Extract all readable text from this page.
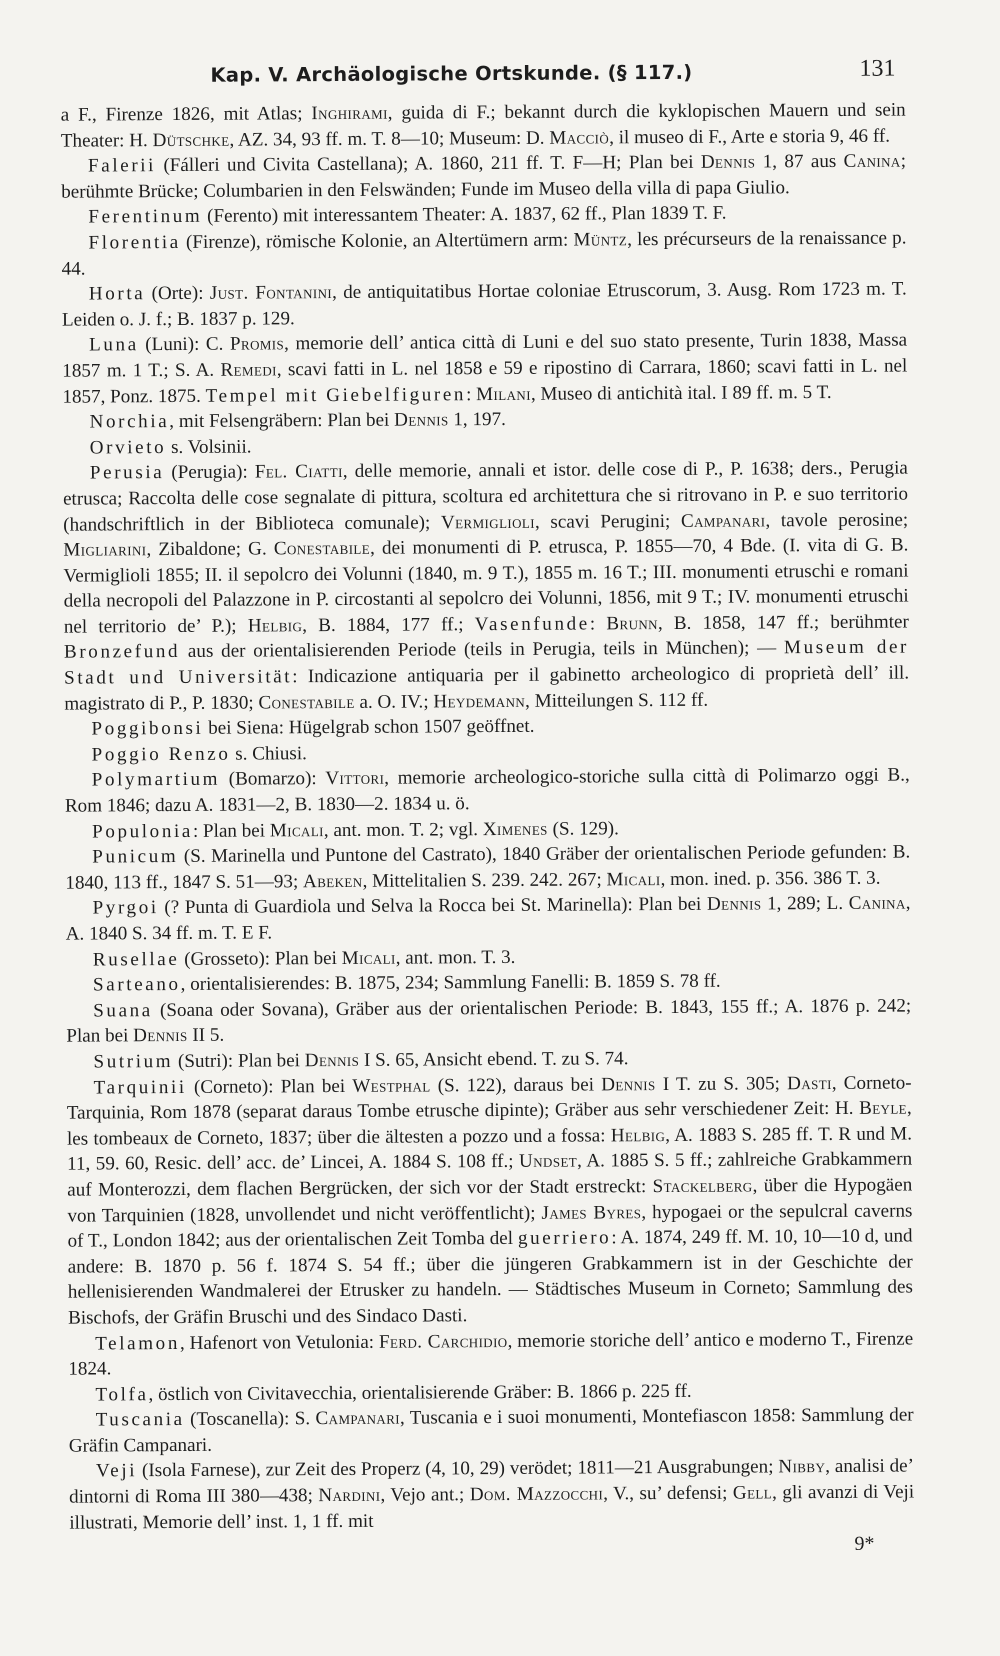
Kap. V. Archäologische Ortskunde. (§ 117.)	131

a F., Firenze 1826, mit Atlas; Inghirami, guida di F.; bekannt durch die kyklopischen Mauern und sein Theater: H. Dütschke, AZ. 34, 93 ff. m. T. 8—10; Museum: D. Macciò, il museo di F., Arte e storia 9, 46 ff.

Falerii (Fálleri und Civita Castellana); A. 1860, 211 ff. T. F—H; Plan bei Dennis 1, 87 aus Canina; berühmte Brücke; Columbarien in den Felswänden; Funde im Museo della villa di papa Giulio.

Ferentinum (Ferento) mit interessantem Theater: A. 1837, 62 ff., Plan 1839 T. F.

Florentia (Firenze), römische Kolonie, an Altertümern arm: Müntz, les précurseurs de la renaissance p. 44.

Horta (Orte): Just. Fontanini, de antiquitatibus Hortae coloniae Etruscorum, 3. Ausg. Rom 1723 m. T. Leiden o. J. f.; B. 1837 p. 129.

Luna (Luni): C. Promis, memorie dell’ antica città di Luni e del suo stato presente, Turin 1838, Massa 1857 m. 1 T.; S. A. Remedi, scavi fatti in L. nel 1858 e 59 e ripostino di Carrara, 1860; scavi fatti in L. nel 1857, Ponz. 1875. Tempel mit Giebelfiguren: Milani, Museo di antichità ital. I 89 ff. m. 5 T.

Norchia, mit Felsengräbern: Plan bei Dennis 1, 197.

Orvieto s. Volsinii.

Perusia (Perugia): Fel. Ciatti, delle memorie, annali et istor. delle cose di P., P. 1638; ders., Perugia etrusca; Raccolta delle cose segnalate di pittura, scoltura ed architettura che si ritrovano in P. e suo territorio (handschriftlich in der Biblioteca comunale); Vermiglioli, scavi Perugini; Campanari, tavole perosine; Migliarini, Zibaldone; G. Conestabile, dei monumenti di P. etrusca, P. 1855—70, 4 Bde. (I. vita di G. B. Vermiglioli 1855; II. il sepolcro dei Volunni (1840, m. 9 T.), 1855 m. 16 T.; III. monumenti etruschi e romani della necropoli del Palazzone in P. circostanti al sepolcro dei Volunni, 1856, mit 9 T.; IV. monumenti etruschi nel territorio de’ P.); Helbig, B. 1884, 177 ff.; Vasenfunde: Brunn, B. 1858, 147 ff.; berühmter Bronzefund aus der orientalisierenden Periode (teils in Perugia, teils in München); — Museum der Stadt und Universität: Indicazione antiquaria per il gabinetto archeologico di proprietà dell’ ill. magistrato di P., P. 1830; Conestabile a. O. IV.; Heydemann, Mitteilungen S. 112 ff.

Poggibonsi bei Siena: Hügelgrab schon 1507 geöffnet.

Poggio Renzo s. Chiusi.

Polymartium (Bomarzo): Vittori, memorie archeologico-storiche sulla città di Polimarzo oggi B., Rom 1846; dazu A. 1831—2, B. 1830—2. 1834 u. ö.

Populonia: Plan bei Micali, ant. mon. T. 2; vgl. Ximenes (S. 129).

Punicum (S. Marinella und Puntone del Castrato), 1840 Gräber der orientalischen Periode gefunden: B. 1840, 113 ff., 1847 S. 51—93; Abeken, Mittelitalien S. 239. 242. 267; Micali, mon. ined. p. 356. 386 T. 3.

Pyrgoi (? Punta di Guardiola und Selva la Rocca bei St. Marinella): Plan bei Dennis 1, 289; L. Canina, A. 1840 S. 34 ff. m. T. E F.

Rusellae (Grosseto): Plan bei Micali, ant. mon. T. 3.

Sarteano, orientalisierendes: B. 1875, 234; Sammlung Fanelli: B. 1859 S. 78 ff.

Suana (Soana oder Sovana), Gräber aus der orientalischen Periode: B. 1843, 155 ff.; A. 1876 p. 242; Plan bei Dennis II 5.

Sutrium (Sutri): Plan bei Dennis I S. 65, Ansicht ebend. T. zu S. 74.

Tarquinii (Corneto): Plan bei Westphal (S. 122), daraus bei Dennis I T. zu S. 305; Dasti, Corneto-Tarquinia, Rom 1878 (separat daraus Tombe etrusche dipinte); Gräber aus sehr verschiedener Zeit: H. Beyle, les tombeaux de Corneto, 1837; über die ältesten a pozzo und a fossa: Helbig, A. 1883 S. 285 ff. T. R und M. 11, 59. 60, Resic. dell’ acc. de’ Lincei, A. 1884 S. 108 ff.; Undset, A. 1885 S. 5 ff.; zahlreiche Grabkammern auf Monterozzi, dem flachen Bergrücken, der sich vor der Stadt erstreckt: Stackelberg, über die Hypogäen von Tarquinien (1828, unvollendet und nicht veröffentlicht); James Byres, hypogaei or the sepulcral caverns of T., London 1842; aus der orientalischen Zeit Tomba del guerriero: A. 1874, 249 ff. M. 10, 10—10 d, und andere: B. 1870 p. 56 f. 1874 S. 54 ff.; über die jüngeren Grabkammern ist in der Geschichte der hellenisierenden Wandmalerei der Etrusker zu handeln. — Städtisches Museum in Corneto; Sammlung des Bischofs, der Gräfin Bruschi und des Sindaco Dasti.

Telamon, Hafenort von Vetulonia: Ferd. Carchidio, memorie storiche dell’ antico e moderno T., Firenze 1824.

Tolfa, östlich von Civitavecchia, orientalisierende Gräber: B. 1866 p. 225 ff.

Tuscania (Toscanella): S. Campanari, Tuscania e i suoi monumenti, Montefiascon 1858: Sammlung der Gräfin Campanari.

Veji (Isola Farnese), zur Zeit des Properz (4, 10, 29) verödet; 1811—21 Ausgrabungen; Nibby, analisi de’ dintorni di Roma III 380—438; Nardini, Vejo ant.; Dom. Mazzocchi, V., su’ defensi; Gell, gli avanzi di Veji illustrati, Memorie dell’ inst. 1, 1 ff. mit

9*
